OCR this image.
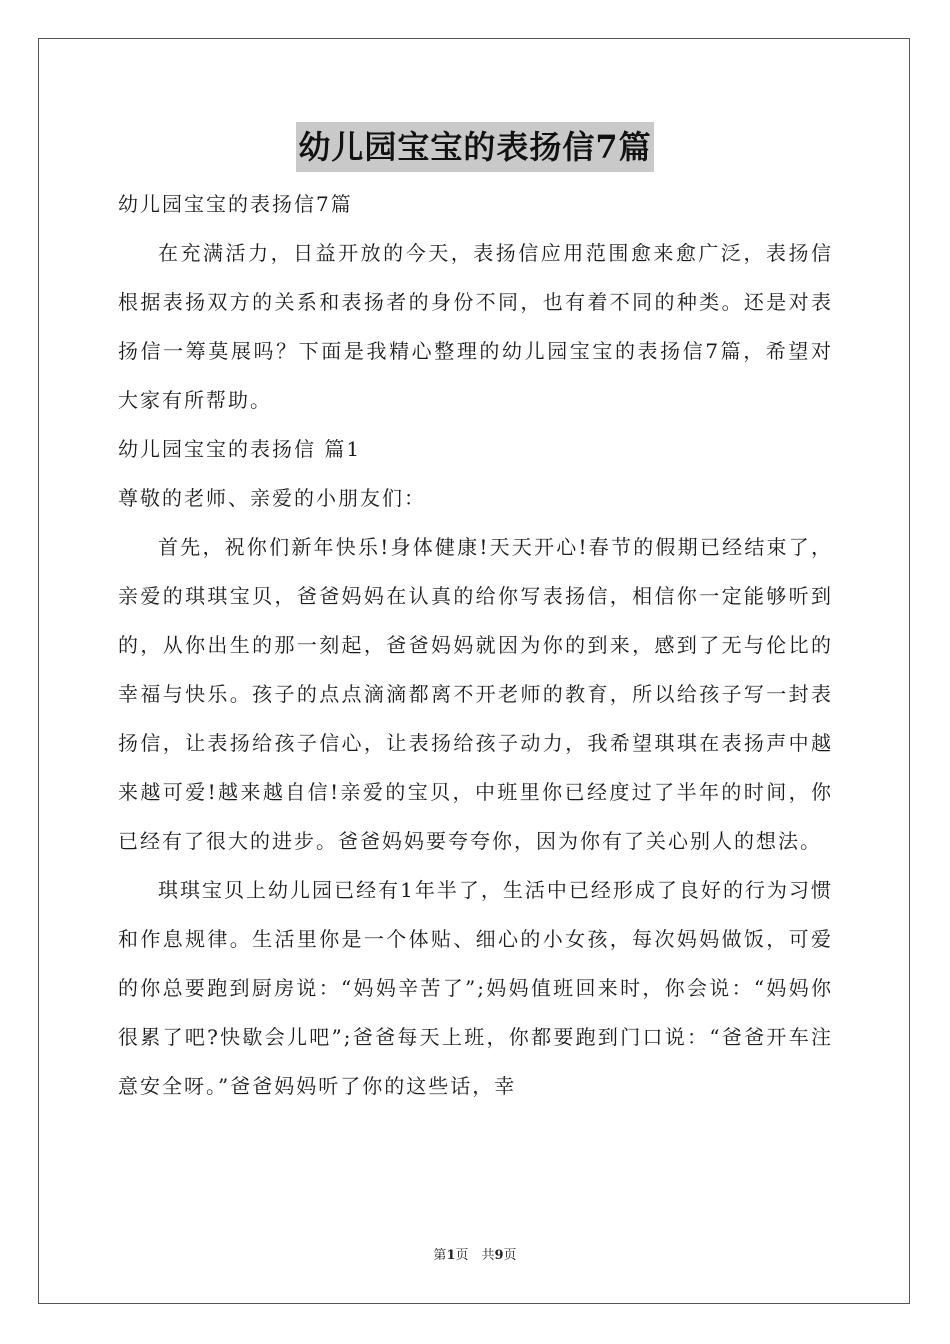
幼儿园宝宝的表扬信7篇

幼儿园宝宝的表扬信7篇

在充满活力，日益开放的今天，表扬信应用范围愈来愈广泛，表扬信根据表扬双方的关系和表扬者的身份不同，也有着不同的种类。还是对表扬信一筹莫展吗？下面是我精心整理的幼儿园宝宝的表扬信7篇，希望对大家有所帮助。

幼儿园宝宝的表扬信 篇1

尊敬的老师、亲爱的小朋友们：

首先，祝你们新年快乐!身体健康!天天开心!春节的假期已经结束了，亲爱的琪琪宝贝，爸爸妈妈在认真的给你写表扬信，相信你一定能够听到的，从你出生的那一刻起，爸爸妈妈就因为你的到来，感到了无与伦比的幸福与快乐。孩子的点点滴滴都离不开老师的教育，所以给孩子写一封表扬信，让表扬给孩子信心，让表扬给孩子动力，我希望琪琪在表扬声中越来越可爱!越来越自信!亲爱的宝贝，中班里你已经度过了半年的时间，你已经有了很大的进步。爸爸妈妈要夸夸你，因为你有了关心别人的想法。

琪琪宝贝上幼儿园已经有1年半了，生活中已经形成了良好的行为习惯和作息规律。生活里你是一个体贴、细心的小女孩，每次妈妈做饭，可爱的你总要跑到厨房说：“妈妈辛苦了”;妈妈值班回来时，你会说：“妈妈你很累了吧?快歇会儿吧”;爸爸每天上班，你都要跑到门口说：“爸爸开车注意安全呀。”爸爸妈妈听了你的这些话，幸

第1页　共9页
